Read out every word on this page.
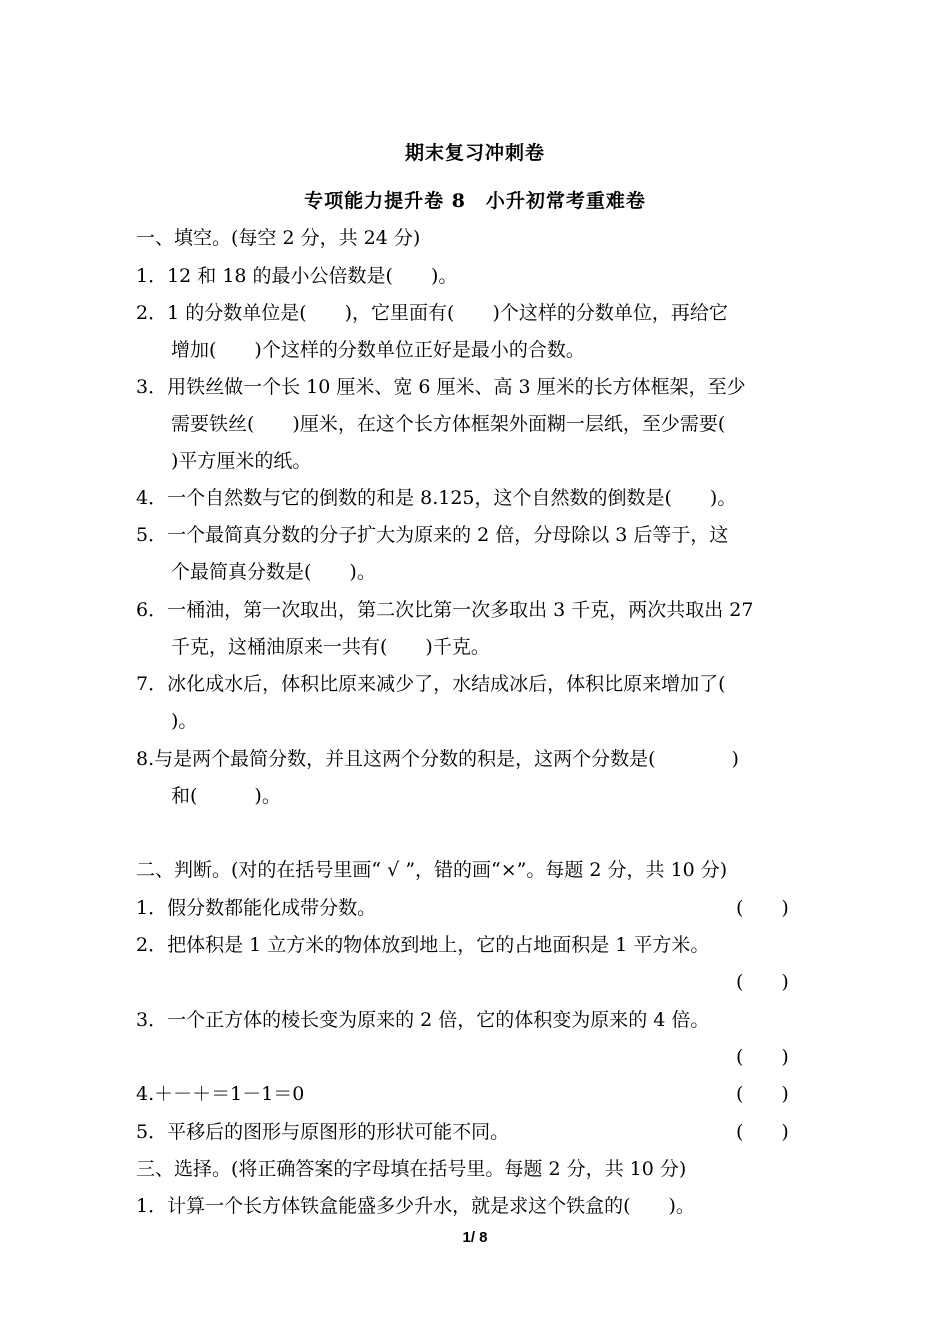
期末复习冲刺卷
专项能力提升卷 8　小升初常考重难卷
一、填空。(每空 2 分，共 24 分)
1．12 和 18 的最小公倍数是(　　)。
2．1 的分数单位是(　　)，它里面有(　　)个这样的分数单位，再给它
增加(　　)个这样的分数单位正好是最小的合数。
3．用铁丝做一个长 10 厘米、宽 6 厘米、高 3 厘米的长方体框架，至少
需要铁丝(　　)厘米，在这个长方体框架外面糊一层纸，至少需要(
)平方厘米的纸。
4．一个自然数与它的倒数的和是 8.125，这个自然数的倒数是(　　)。
5．一个最简真分数的分子扩大为原来的 2 倍，分母除以 3 后等于，这
个最简真分数是(　　)。
6．一桶油，第一次取出，第二次比第一次多取出 3 千克，两次共取出 27
千克，这桶油原来一共有(　　)千克。
7．冰化成水后，体积比原来减少了，水结成冰后，体积比原来增加了(
)。
8.与是两个最简分数，并且这两个分数的积是，这两个分数是(　　　　)
和(　　　)。
二、判断。(对的在括号里画“ √ ”，错的画“×”。每题 2 分，共 10 分)
1．假分数都能化成带分数。	(　　)
2．把体积是 1 立方米的物体放到地上，它的占地面积是 1 平方米。
(　　)
3．一个正方体的棱长变为原来的 2 倍，它的体积变为原来的 4 倍。
(　　)
4.＋－＋＝1－1＝0	(　　)
5．平移后的图形与原图形的形状可能不同。	(　　)
三、选择。(将正确答案的字母填在括号里。每题 2 分，共 10 分)
1．计算一个长方体铁盒能盛多少升水，就是求这个铁盒的(　　)。
1/ 8
